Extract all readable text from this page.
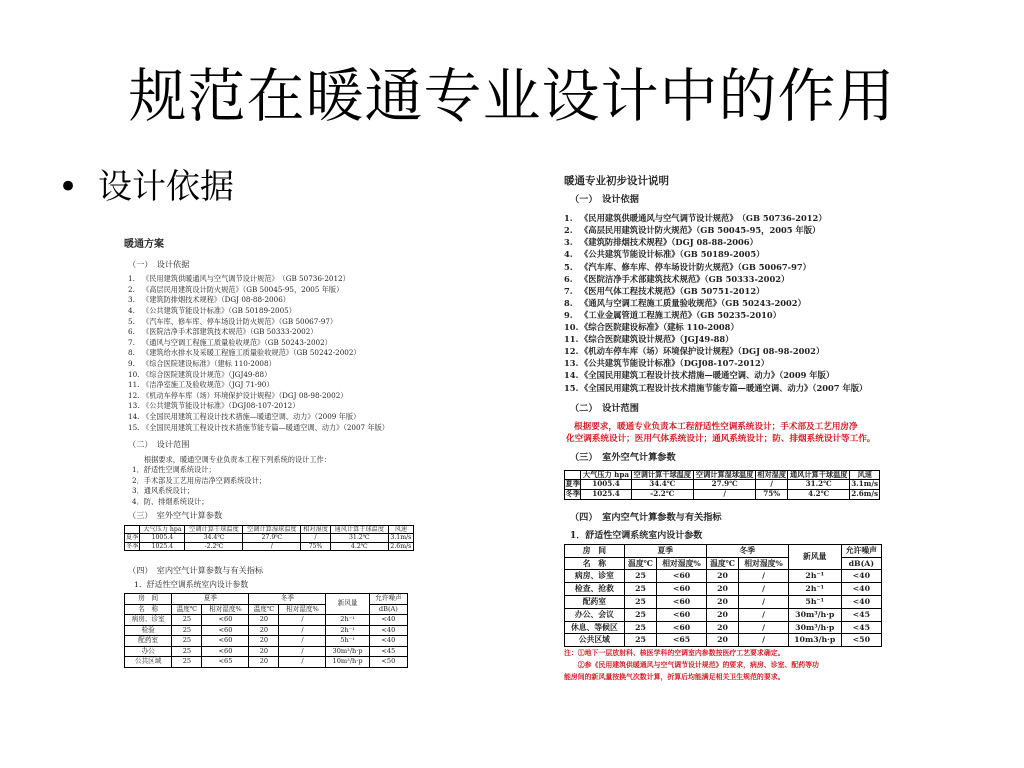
规范在暖通专业设计中的作用
• 设计依据

暖通方案

（一）　设计依据

1. 《民用建筑供暖通风与空气调节设计规范》　（GB 50736-2012）

2. 《高层民用建筑设计防火规范》（GB 50045-95，2005 年版）

3. 《建筑防排烟技术规程》（DGJ 08-88-2006）

4. 《公共建筑节能设计标准》（GB 50189-2005）

5. 《汽车库、修车库、停车场设计防火规范》（GB 50067-97）

6. 《医院洁净手术部建筑技术规范》（GB 50333-2002）

7. 《通风与空调工程施工质量验收规范》（GB 50243-2002）

8. 《建筑给水排水及采暖工程施工质量验收规范》（GB 50242-2002）

9. 《综合医院建设标准》（建标 110-2008）

10. 《综合医院建筑设计规范》（JGJ49-88）

11. 《洁净室施工及验收规范》（JGJ 71-90）

12. 《机动车停车库（场）环境保护设计规程》（DGJ 08-98-2002）

13. 《公共建筑节能设计标准》（DGJ08-107-2012）

14. 《全国民用建筑工程设计技术措施—暖通空调、动力》（2009 年版）

15. 《全国民用建筑工程设计技术措施节能专篇—暖通空调、动力》（2007 年版）

（二）　设计范围

根据要求，暖通空调专业负责本工程下列系统的设计工作：

1．舒适性空调系统设计；

2．手术部及工艺用房洁净空调系统设计；

3．通风系统设计；

4．防、排烟系统设计；

（三）　室外空气计算参数

	大气压力 hpa	空调计算干球温度	空调计算湿球温度	相对湿度	通风计算干球温度	风速
夏季	1005.4	34.4℃	27.9℃	/	31.2℃	3.1m/s
冬季	1025.4	-2.2℃	/	75%	4.2℃	2.6m/s

（四）　室内空气计算参数与有关指标

1．舒适性空调系统室内设计参数

房　间	夏季		冬季		新风量	允许噪声
名　称	温度℃	相对湿度%	温度℃	相对湿度%		dB(A)
病房、诊室	25	<60	20	/	2h⁻¹	<40
检验	25	<60	20	/	2h⁻¹	<40
配药室	25	<60	20	/	5h⁻¹	<40
办公	25	<60	20	/	30m³/h·p	<45
公共区域	25	<65	20	/	10m³/h·p	<50

暖通专业初步设计说明

（一）　设计依据

1. 《民用建筑供暖通风与空气调节设计规范》　（GB 50736-2012）

2. 《高层民用建筑设计防火规范》（GB 50045-95，2005 年版）

3. 《建筑防排烟技术规程》（DGJ 08-88-2006）

4. 《公共建筑节能设计标准》（GB 50189-2005）

5. 《汽车库、修车库、停车场设计防火规范》（GB 50067-97）

6. 《医院洁净手术部建筑技术规范》（GB 50333-2002）

7. 《医用气体工程技术规范》（GB 50751-2012）

8. 《通风与空调工程施工质量验收规范》（GB 50243-2002）

9. 《工业金属管道工程施工规范》（GB 50235-2010）

10. 《综合医院建设标准》（建标 110-2008）

11. 《综合医院建筑设计规范》（JGJ49-88）

12. 《机动车停车库（场）环境保护设计规程》（DGJ 08-98-2002）

13. 《公共建筑节能设计标准》（DGJ08-107-2012）

14. 《全国民用建筑工程设计技术措施—暖通空调、动力》（2009 年版）

15. 《全国民用建筑工程设计技术措施节能专篇—暖通空调、动力》（2007 年版）

（二）　设计范围

根据要求，暖通专业负责本工程舒适性空调系统设计；手术部及工艺用房净

化空调系统设计；医用气体系统设计；通风系统设计；防、排烟系统设计等工作。

（三）　室外空气计算参数

	大气压力 hpa	空调计算干球温度	空调计算湿球温度	相对湿度	通风计算干球温度	风速
夏季	1005.4	34.4℃	27.9℃	/	31.2℃	3.1m/s
冬季	1025.4	-2.2℃	/	75%	4.2℃	2.6m/s

（四）　室内空气计算参数与有关指标

1．舒适性空调系统室内设计参数

房　间	夏季		冬季		新风量	允许噪声
名　称	温度℃	相对湿度%	温度℃	相对湿度%		dB(A)
病房、诊室	25	<60	20	/	2h⁻¹	<40
检查、抢救	25	<60	20	/	2h⁻¹	<40
配药室	25	<60	20	/	5h⁻¹	<40
办公、会议	25	<60	20	/	30m³/h·p	<45
休息、等候区	25	<60	20	/	30m³/h·p	<45
公共区域	25	<65	20	/	10m3/h·p	<50

注：①地下一层放射科、核医学科的空调室内参数按医疗工艺要求确定。

　　②参《民用建筑供暖通风与空气调节设计规范》的要求，病房、诊室、配药等功

能房间的新风量按换气次数计算，折算后均能满足相关卫生规范的要求。
